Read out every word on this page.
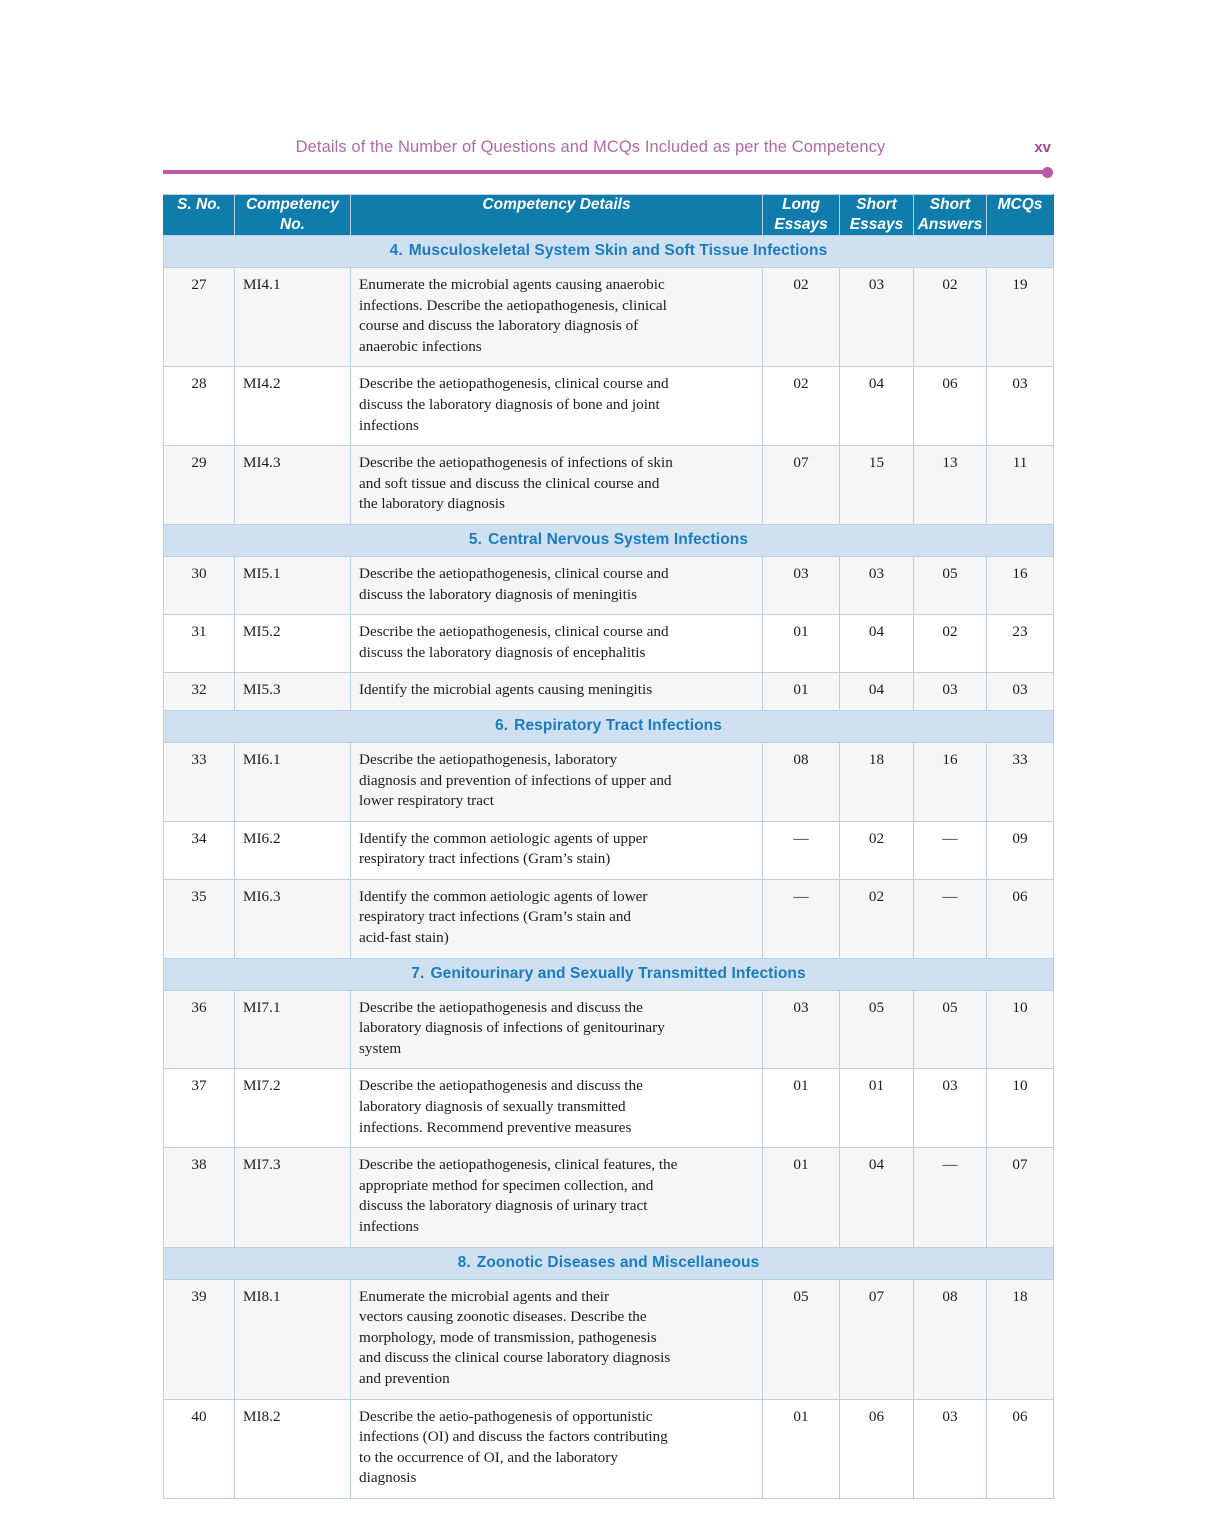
Details of the Number of Questions and MCQs Included as per the Competency	xv
S. No.	Competency No.	Competency Details	Long Essays	Short Essays	Short Answers	MCQs
4. Musculoskeletal System Skin and Soft Tissue Infections						
27	MI4.1	Enumerate the microbial agents causing anaerobic
infections. Describe the aetiopathogenesis, clinical
course and discuss the laboratory diagnosis of
anaerobic infections	02	03	02	19
28	MI4.2	Describe the aetiopathogenesis, clinical course and
discuss the laboratory diagnosis of bone and joint
infections	02	04	06	03
29	MI4.3	Describe the aetiopathogenesis of infections of skin
and soft tissue and discuss the clinical course and
the laboratory diagnosis	07	15	13	11
5. Central Nervous System Infections						
30	MI5.1	Describe the aetiopathogenesis, clinical course and
discuss the laboratory diagnosis of meningitis	03	03	05	16
31	MI5.2	Describe the aetiopathogenesis, clinical course and
discuss the laboratory diagnosis of encephalitis	01	04	02	23
32	MI5.3	Identify the microbial agents causing meningitis	01	04	03	03
6. Respiratory Tract Infections						
33	MI6.1	Describe the aetiopathogenesis, laboratory
diagnosis and prevention of infections of upper and
lower respiratory tract	08	18	16	33
34	MI6.2	Identify the common aetiologic agents of upper
respiratory tract infections (Gram’s stain)	—	02	—	09
35	MI6.3	Identify the common aetiologic agents of lower
respiratory tract infections (Gram’s stain and
acid-fast stain)	—	02	—	06
7. Genitourinary and Sexually Transmitted Infections						
36	MI7.1	Describe the aetiopathogenesis and discuss the
laboratory diagnosis of infections of genitourinary
system	03	05	05	10
37	MI7.2	Describe the aetiopathogenesis and discuss the
laboratory diagnosis of sexually transmitted
infections. Recommend preventive measures	01	01	03	10
38	MI7.3	Describe the aetiopathogenesis, clinical features, the
appropriate method for specimen collection, and
discuss the laboratory diagnosis of urinary tract
infections	01	04	—	07
8. Zoonotic Diseases and Miscellaneous						
39	MI8.1	Enumerate the microbial agents and their
vectors causing zoonotic diseases. Describe the
morphology, mode of transmission, pathogenesis
and discuss the clinical course laboratory diagnosis
and prevention	05	07	08	18
40	MI8.2	Describe the aetio-pathogenesis of opportunistic
infections (OI) and discuss the factors contributing
to the occurrence of OI, and the laboratory
diagnosis	01	06	03	06
